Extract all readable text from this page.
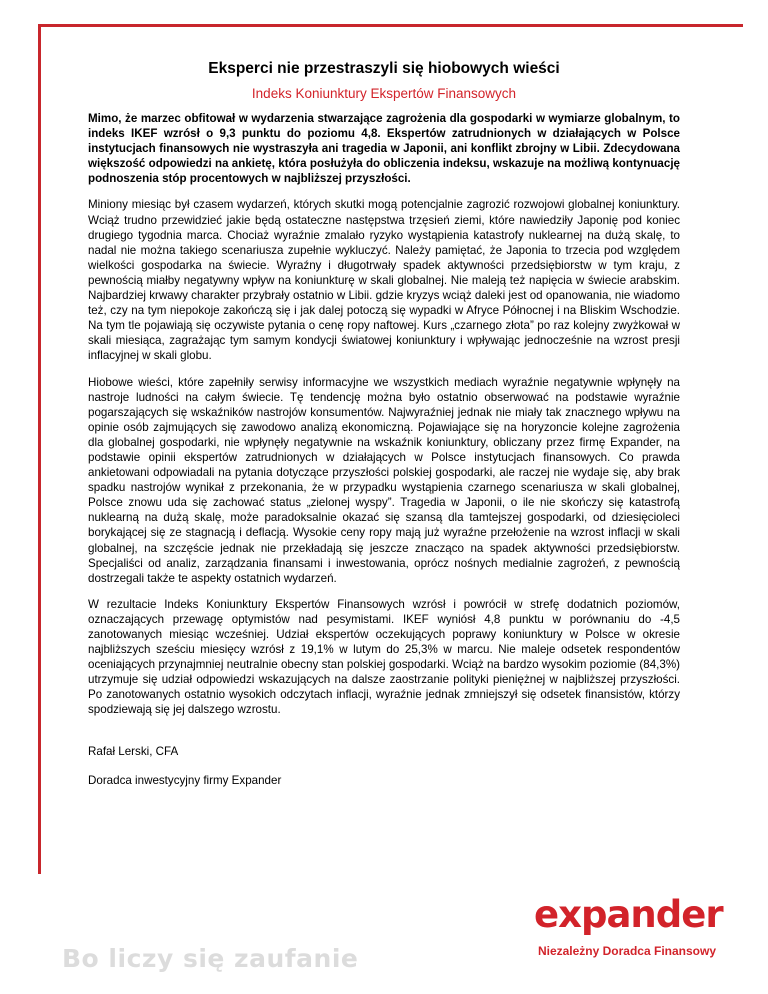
Eksperci nie przestraszyli się hiobowych wieści
Indeks Koniunktury Ekspertów Finansowych

Mimo, że marzec obfitował w wydarzenia stwarzające zagrożenia dla gospodarki w wymiarze globalnym, to indeks IKEF wzrósł o 9,3 punktu do poziomu 4,8. Ekspertów zatrudnionych w działających w Polsce instytucjach finansowych nie wystraszyła ani tragedia w Japonii, ani konflikt zbrojny w Libii. Zdecydowana większość odpowiedzi na ankietę, która posłużyła do obliczenia indeksu, wskazuje na możliwą kontynuację podnoszenia stóp procentowych w najbliższej przyszłości.

Miniony miesiąc był czasem wydarzeń, których skutki mogą potencjalnie zagrozić rozwojowi globalnej koniunktury. Wciąż trudno przewidzieć jakie będą ostateczne następstwa trzęsień ziemi, które nawiedziły Japonię pod koniec drugiego tygodnia marca. Chociaż wyraźnie zmalało ryzyko wystąpienia katastrofy nuklearnej na dużą skalę, to nadal nie można takiego scenariusza zupełnie wykluczyć. Należy pamiętać, że Japonia to trzecia pod względem wielkości gospodarka na świecie. Wyraźny i długotrwały spadek aktywności przedsiębiorstw w tym kraju, z pewnością miałby negatywny wpływ na koniunkturę w skali globalnej. Nie maleją też napięcia w świecie arabskim. Najbardziej krwawy charakter przybrały ostatnio w Libii. gdzie kryzys wciąż daleki jest od opanowania, nie wiadomo też, czy na tym niepokoje zakończą się i jak dalej potoczą się wypadki w Afryce Północnej i na Bliskim Wschodzie. Na tym tle pojawiają się oczywiste pytania o cenę ropy naftowej. Kurs „czarnego złota” po raz kolejny zwyżkował w skali miesiąca, zagrażając tym samym kondycji światowej koniunktury i wpływając jednocześnie na wzrost presji inflacyjnej w skali globu.

Hiobowe wieści, które zapełniły serwisy informacyjne we wszystkich mediach wyraźnie negatywnie wpłynęły na nastroje ludności na całym świecie. Tę tendencję można było ostatnio obserwować na podstawie wyraźnie pogarszających się wskaźników nastrojów konsumentów. Najwyraźniej jednak nie miały tak znacznego wpływu na opinie osób zajmujących się zawodowo analizą ekonomiczną. Pojawiające się na horyzoncie kolejne zagrożenia dla globalnej gospodarki, nie wpłynęły negatywnie na wskaźnik koniunktury, obliczany przez firmę Expander, na podstawie opinii ekspertów zatrudnionych w działających w Polsce instytucjach finansowych. Co prawda ankietowani odpowiadali na pytania dotyczące przyszłości polskiej gospodarki, ale raczej nie wydaje się, aby brak spadku nastrojów wynikał z przekonania, że w przypadku wystąpienia czarnego scenariusza w skali globalnej, Polsce znowu uda się zachować status „zielonej wyspy”. Tragedia w Japonii, o ile nie skończy się katastrofą nuklearną na dużą skalę, może paradoksalnie okazać się szansą dla tamtejszej gospodarki, od dziesięcioleci borykającej się ze stagnacją i deflacją. Wysokie ceny ropy mają już wyraźne przełożenie na wzrost inflacji w skali globalnej, na szczęście jednak nie przekładają się jeszcze znacząco na spadek aktywności przedsiębiorstw. Specjaliści od analiz, zarządzania finansami i inwestowania, oprócz nośnych medialnie zagrożeń, z pewnością dostrzegali także te aspekty ostatnich wydarzeń.

W rezultacie Indeks Koniunktury Ekspertów Finansowych wzrósł i powrócił w strefę dodatnich poziomów, oznaczających przewagę optymistów nad pesymistami. IKEF wyniósł 4,8 punktu w porównaniu do -4,5 zanotowanych miesiąc wcześniej. Udział ekspertów oczekujących poprawy koniunktury w Polsce w okresie najbliższych sześciu miesięcy wzrósł z 19,1% w lutym do 25,3% w marcu. Nie maleje odsetek respondentów oceniających przynajmniej neutralnie obecny stan polskiej gospodarki. Wciąż na bardzo wysokim poziomie (84,3%) utrzymuje się udział odpowiedzi wskazujących na dalsze zaostrzanie polityki pieniężnej w najbliższej przyszłości. Po zanotowanych ostatnio wysokich odczytach inflacji, wyraźnie jednak zmniejszył się odsetek finansistów, którzy spodziewają się jej dalszego wzrostu.

Rafał Lerski, CFA

Doradca inwestycyjny firmy Expander

Bo liczy się zaufanie
expander
Niezależny Doradca Finansowy
